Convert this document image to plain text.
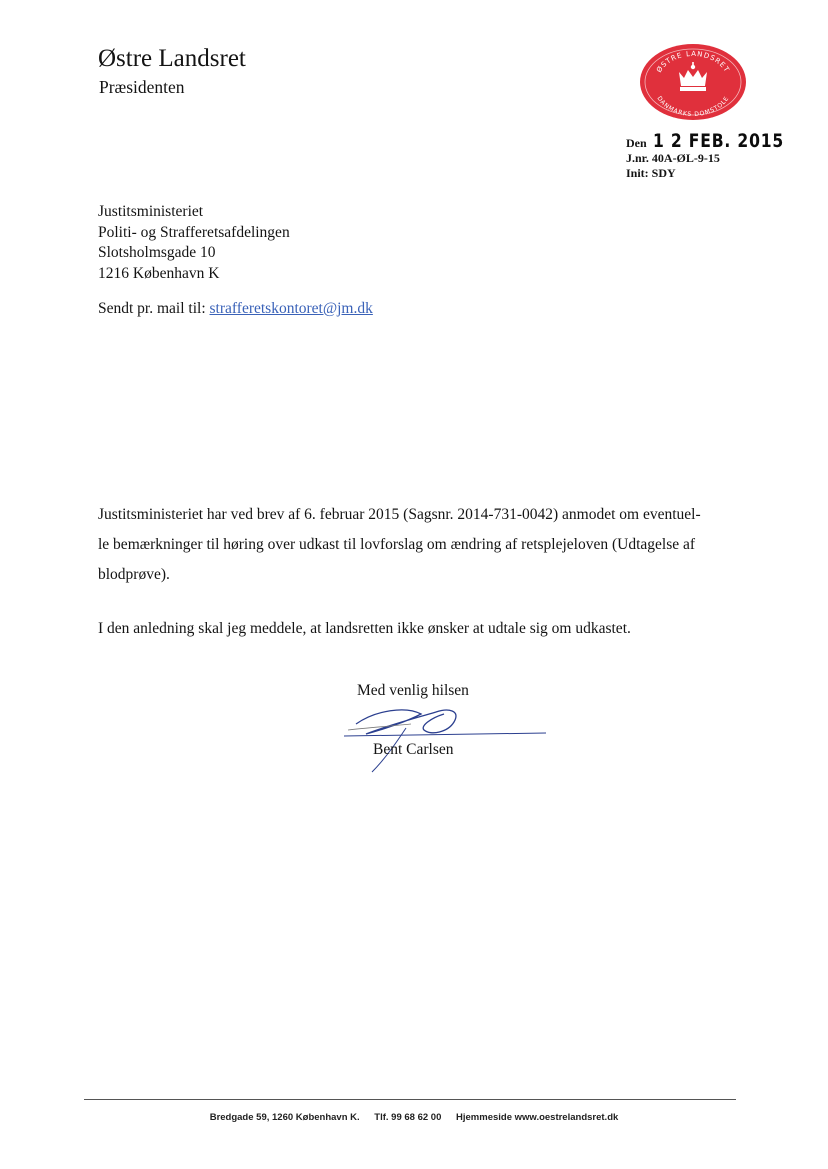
Østre Landsret
Præsidenten
ØSTRE LANDSRET
DANMARKS DOMSTOLE
Den 1 2 FEB. 2015
J.nr. 40A-ØL-9-15
Init: SDY
Justitsministeriet
Politi- og Strafferetsafdelingen
Slotsholmsgade 10
1216 København K
Sendt pr. mail til: strafferetskontoret@jm.dk
Justitsministeriet har ved brev af 6. februar 2015 (Sagsnr. 2014-731-0042) anmodet om eventuel-
le bemærkninger til høring over udkast til lovforslag om ændring af retsplejeloven (Udtagelse af
blodprøve).
I den anledning skal jeg meddele, at landsretten ikke ønsker at udtale sig om udkastet.
Med venlig hilsen
Bent Carlsen
Bredgade 59, 1260 København K. Tlf. 99 68 62 00 Hjemmeside www.oestrelandsret.dk
